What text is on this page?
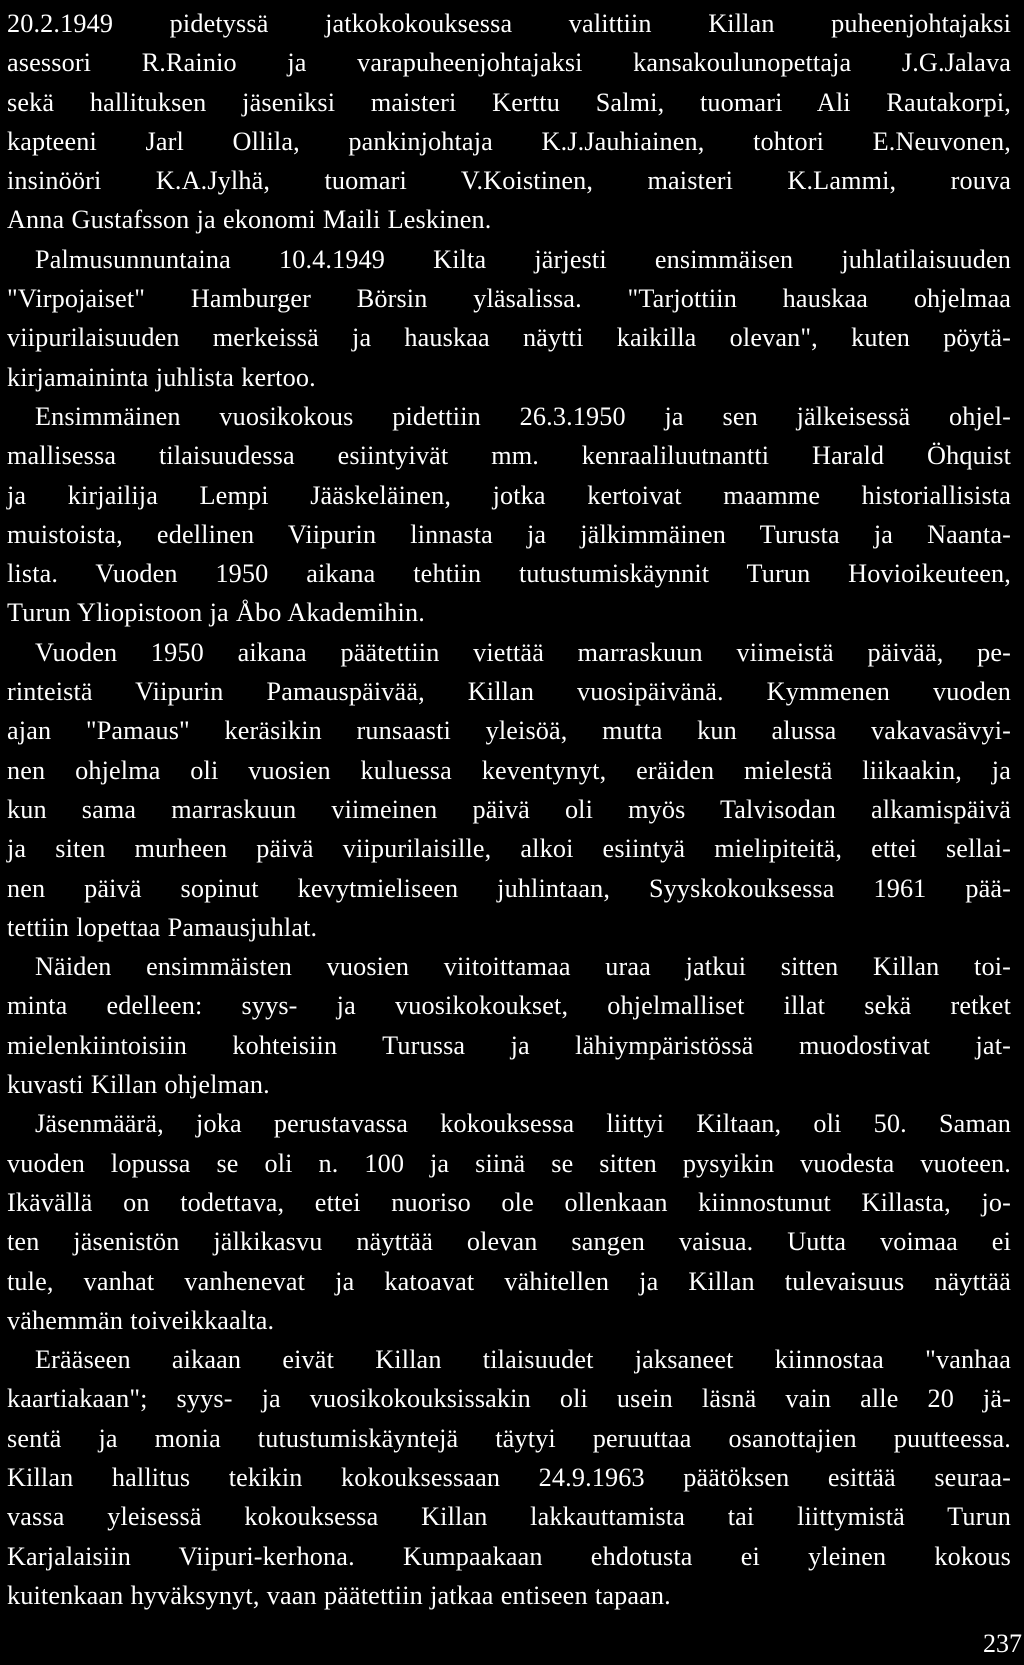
20.2.1949 pidetyssä jatkokokouksessa valittiin Killan puheenjohtajaksi
asessori R.Rainio ja varapuheenjohtajaksi kansakoulunopettaja J.G.Jalava
sekä hallituksen jäseniksi maisteri Kerttu Salmi, tuomari Ali Rautakorpi,
kapteeni Jarl Ollila, pankinjohtaja K.J.Jauhiainen, tohtori E.Neuvonen,
insinööri K.A.Jylhä, tuomari V.Koistinen, maisteri K.Lammi, rouva
Anna Gustafsson ja ekonomi Maili Leskinen.
Palmusunnuntaina 10.4.1949 Kilta järjesti ensimmäisen juhlatilaisuuden
"Virpojaiset" Hamburger Börsin yläsalissa. "Tarjottiin hauskaa ohjelmaa
viipurilaisuuden merkeissä ja hauskaa näytti kaikilla olevan", kuten pöytä-
kirjamaininta juhlista kertoo.
Ensimmäinen vuosikokous pidettiin 26.3.1950 ja sen jälkeisessä ohjel-
mallisessa tilaisuudessa esiintyivät mm. kenraaliluutnantti Harald Öhquist
ja kirjailija Lempi Jääskeläinen, jotka kertoivat maamme historiallisista
muistoista, edellinen Viipurin linnasta ja jälkimmäinen Turusta ja Naanta-
lista. Vuoden 1950 aikana tehtiin tutustumiskäynnit Turun Hovioikeuteen,
Turun Yliopistoon ja Åbo Akademihin.
Vuoden 1950 aikana päätettiin viettää marraskuun viimeistä päivää, pe-
rinteistä Viipurin Pamauspäivää, Killan vuosipäivänä. Kymmenen vuoden
ajan "Pamaus" keräsikin runsaasti yleisöä, mutta kun alussa vakavasävyi-
nen ohjelma oli vuosien kuluessa keventynyt, eräiden mielestä liikaakin, ja
kun sama marraskuun viimeinen päivä oli myös Talvisodan alkamispäivä
ja siten murheen päivä viipurilaisille, alkoi esiintyä mielipiteitä, ettei sellai-
nen päivä sopinut kevytmieliseen juhlintaan, Syyskokouksessa 1961 pää-
tettiin lopettaa Pamausjuhlat.
Näiden ensimmäisten vuosien viitoittamaa uraa jatkui sitten Killan toi-
minta edelleen: syys- ja vuosikokoukset, ohjelmalliset illat sekä retket
mielenkiintoisiin kohteisiin Turussa ja lähiympäristössä muodostivat jat-
kuvasti Killan ohjelman.
Jäsenmäärä, joka perustavassa kokouksessa liittyi Kiltaan, oli 50. Saman
vuoden lopussa se oli n. 100 ja siinä se sitten pysyikin vuodesta vuoteen.
Ikävällä on todettava, ettei nuoriso ole ollenkaan kiinnostunut Killasta, jo-
ten jäsenistön jälkikasvu näyttää olevan sangen vaisua. Uutta voimaa ei
tule, vanhat vanhenevat ja katoavat vähitellen ja Killan tulevaisuus näyttää
vähemmän toiveikkaalta.
Erääseen aikaan eivät Killan tilaisuudet jaksaneet kiinnostaa "vanhaa
kaartiakaan"; syys- ja vuosikokouksissakin oli usein läsnä vain alle 20 jä-
sentä ja monia tutustumiskäyntejä täytyi peruuttaa osanottajien puutteessa.
Killan hallitus tekikin kokouksessaan 24.9.1963 päätöksen esittää seuraa-
vassa yleisessä kokouksessa Killan lakkauttamista tai liittymistä Turun
Karjalaisiin Viipuri-kerhona. Kumpaakaan ehdotusta ei yleinen kokous
kuitenkaan hyväksynyt, vaan päätettiin jatkaa entiseen tapaan.
237
